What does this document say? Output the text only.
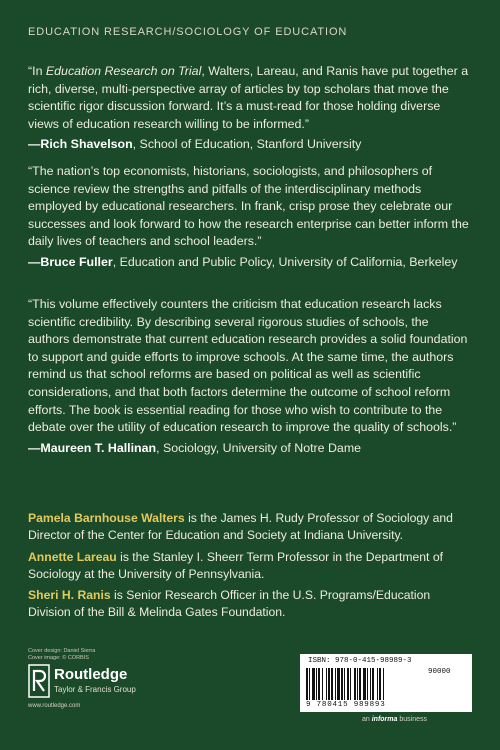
EDUCATION RESEARCH/SOCIOLOGY OF EDUCATION

“In Education Research on Trial, Walters, Lareau, and Ranis have put together a rich, diverse, multi-perspective array of articles by top scholars that move the scientific rigor discussion forward. It’s a must-read for those holding diverse views of education research willing to be informed.”

—Rich Shavelson, School of Education, Stanford University

“The nation’s top economists, historians, sociologists, and philosophers of science review the strengths and pitfalls of the interdisciplinary methods employed by educational researchers. In frank, crisp prose they celebrate our successes and look forward to how the research enterprise can better inform the daily lives of teachers and school leaders.”

—Bruce Fuller, Education and Public Policy, University of California, Berkeley

“This volume effectively counters the criticism that education research lacks scientific credibility. By describing several rigorous studies of schools, the authors demonstrate that current education research provides a solid foundation to support and guide efforts to improve schools. At the same time, the authors remind us that school reforms are based on political as well as scientific considerations, and that both factors determine the outcome of school reform efforts. The book is essential reading for those who wish to contribute to the debate over the utility of education research to improve the quality of schools.”

—Maureen T. Hallinan, Sociology, University of Notre Dame

Pamela Barnhouse Walters is the James H. Rudy Professor of Sociology and Director of the Center for Education and Society at Indiana University.
Annette Lareau is the Stanley I. Sheerr Term Professor in the Department of Sociology at the University of Pennsylvania.
Sheri H. Ranis is Senior Research Officer in the U.S. Programs/Education Division of the Bill & Melinda Gates Foundation.
Cover design: Daniel Sierra
Cover image: © CORBIS
Routledge
Taylor & Francis Group
www.routledge.com
ISBN: 978-0-415-98989-3
90000
9 780415 989893
an informa business
